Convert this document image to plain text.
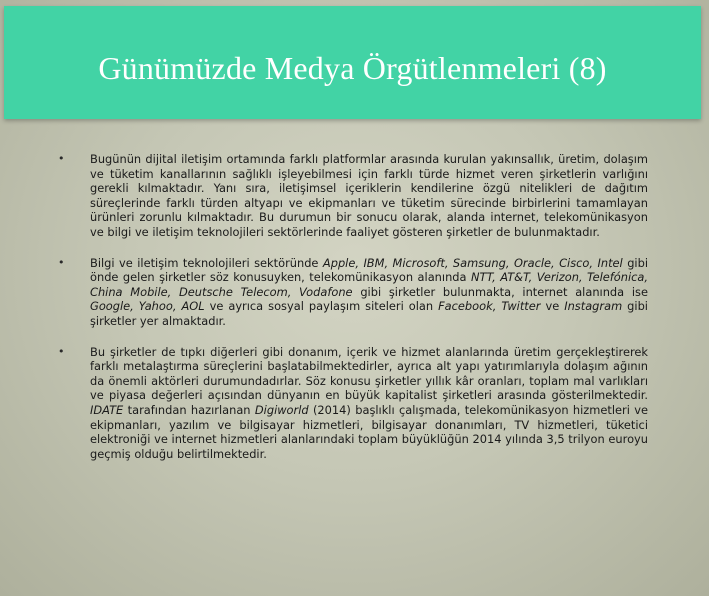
Günümüzde Medya Örgütlenmeleri (8)
• Bugünün dijital iletişim ortamında farklı platformlar arasında kurulan yakınsallık, üretim, dolaşım ve tüketim kanallarının sağlıklı işleyebilmesi için farklı türde hizmet veren şirketlerin varlığını gerekli kılmaktadır. Yanı sıra, iletişimsel içeriklerin kendilerine özgü nitelikleri de dağıtım süreçlerinde farklı türden altyapı ve ekipmanları ve tüketim sürecinde birbirlerini tamamlayan ürünleri zorunlu kılmaktadır. Bu durumun bir sonucu olarak, alanda internet, telekomünikasyon ve bilgi ve iletişim teknolojileri sektörlerinde faaliyet gösteren şirketler de bulunmaktadır.
• Bilgi ve iletişim teknolojileri sektöründe Apple, IBM, Microsoft, Samsung, Oracle, Cisco, Intel gibi önde gelen şirketler söz konusuyken, telekomünikasyon alanında NTT, AT&T, Verizon, Telefónica, China Mobile, Deutsche Telecom, Vodafone gibi şirketler bulunmakta, internet alanında ise Google, Yahoo, AOL ve ayrıca sosyal paylaşım siteleri olan Facebook, Twitter ve Instagram gibi şirketler yer almaktadır.
• Bu şirketler de tıpkı diğerleri gibi donanım, içerik ve hizmet alanlarında üretim gerçekleştirerek farklı metalaştırma süreçlerini başlatabilmektedirler, ayrıca alt yapı yatırımlarıyla dolaşım ağının da önemli aktörleri durumundadırlar. Söz konusu şirketler yıllık kâr oranları, toplam mal varlıkları ve piyasa değerleri açısından dünyanın en büyük kapitalist şirketleri arasında gösterilmektedir. IDATE tarafından hazırlanan Digiworld (2014) başlıklı çalışmada, telekomünikasyon hizmetleri ve ekipmanları, yazılım ve bilgisayar hizmetleri, bilgisayar donanımları, TV hizmetleri, tüketici elektroniği ve internet hizmetleri alanlarındaki toplam büyüklüğün 2014 yılında 3,5 trilyon euroyu geçmiş olduğu belirtilmektedir.
